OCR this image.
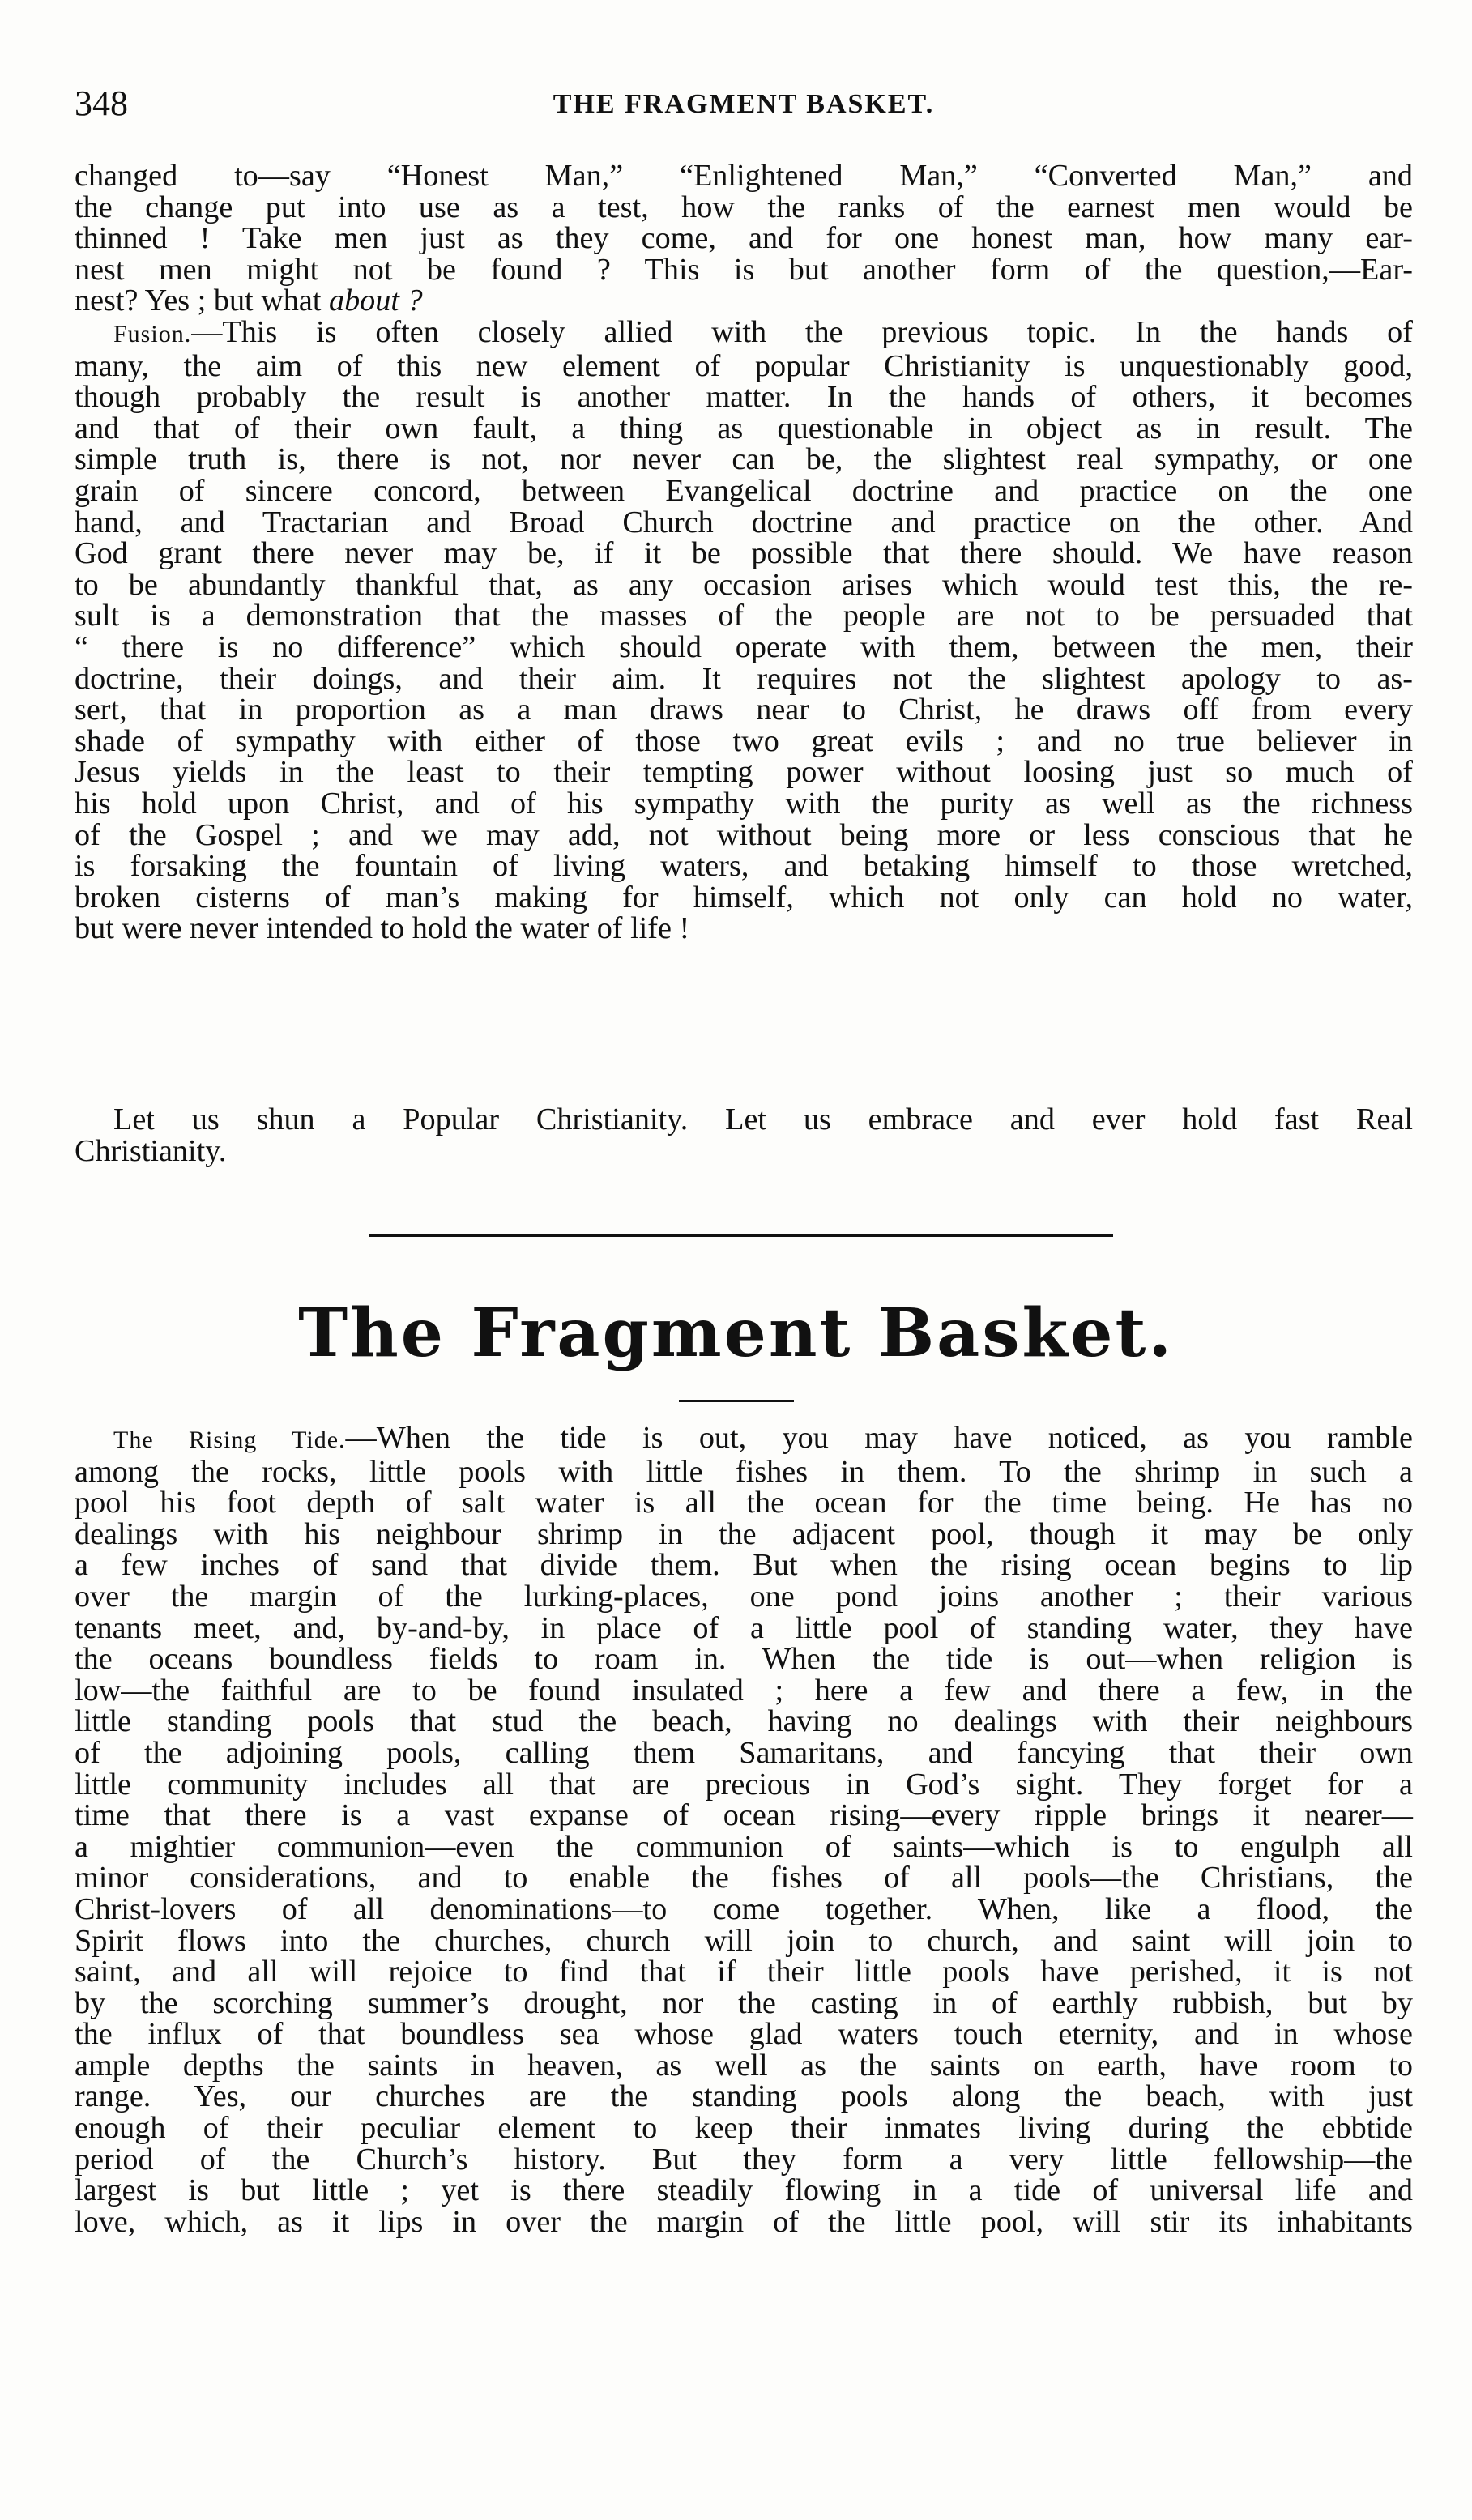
348	THE FRAGMENT BASKET.
changed to—say “Honest Man,” “Enlightened Man,” “Converted Man,” and
the change put into use as a test, how the ranks of the earnest men would be
thinned ! Take men just as they come, and for one honest man, how many ear-
nest men might not be found ? This is but another form of the question,—Ear-
nest? Yes ; but what about ?
Fusion.—This is often closely allied with the previous topic. In the hands of
many, the aim of this new element of popular Christianity is unquestionably good,
though probably the result is another matter. In the hands of others, it becomes
and that of their own fault, a thing as questionable in object as in result. The
simple truth is, there is not, nor never can be, the slightest real sympathy, or one
grain of sincere concord, between Evangelical doctrine and practice on the one
hand, and Tractarian and Broad Church doctrine and practice on the other. And
God grant there never may be, if it be possible that there should. We have reason
to be abundantly thankful that, as any occasion arises which would test this, the re-
sult is a demonstration that the masses of the people are not to be persuaded that
“ there is no difference” which should operate with them, between the men, their
doctrine, their doings, and their aim. It requires not the slightest apology to as-
sert, that in proportion as a man draws near to Christ, he draws off from every
shade of sympathy with either of those two great evils ; and no true believer in
Jesus yields in the least to their tempting power without loosing just so much of
his hold upon Christ, and of his sympathy with the purity as well as the richness
of the Gospel ; and we may add, not without being more or less conscious that he
is forsaking the fountain of living waters, and betaking himself to those wretched,
broken cisterns of man’s making for himself, which not only can hold no water,
but were never intended to hold the water of life !
Let us shun a Popular Christianity. Let us embrace and ever hold fast Real
Christianity.
The Fragment Basket.
The Rising Tide.—When the tide is out, you may have noticed, as you ramble
among the rocks, little pools with little fishes in them. To the shrimp in such a
pool his foot depth of salt water is all the ocean for the time being. He has no
dealings with his neighbour shrimp in the adjacent pool, though it may be only
a few inches of sand that divide them. But when the rising ocean begins to lip
over the margin of the lurking-places, one pond joins another ; their various
tenants meet, and, by-and-by, in place of a little pool of standing water, they have
the oceans boundless fields to roam in. When the tide is out—when religion is
low—the faithful are to be found insulated ; here a few and there a few, in the
little standing pools that stud the beach, having no dealings with their neighbours
of the adjoining pools, calling them Samaritans, and fancying that their own
little community includes all that are precious in God’s sight. They forget for a
time that there is a vast expanse of ocean rising—every ripple brings it nearer—
a mightier communion—even the communion of saints—which is to engulph all
minor considerations, and to enable the fishes of all pools—the Christians, the
Christ-lovers of all denominations—to come together. When, like a flood, the
Spirit flows into the churches, church will join to church, and saint will join to
saint, and all will rejoice to find that if their little pools have perished, it is not
by the scorching summer’s drought, nor the casting in of earthly rubbish, but by
the influx of that boundless sea whose glad waters touch eternity, and in whose
ample depths the saints in heaven, as well as the saints on earth, have room to
range. Yes, our churches are the standing pools along the beach, with just
enough of their peculiar element to keep their inmates living during the ebbtide
period of the Church’s history. But they form a very little fellowship—the
largest is but little ; yet is there steadily flowing in a tide of universal life and
love, which, as it lips in over the margin of the little pool, will stir its inhabitants
